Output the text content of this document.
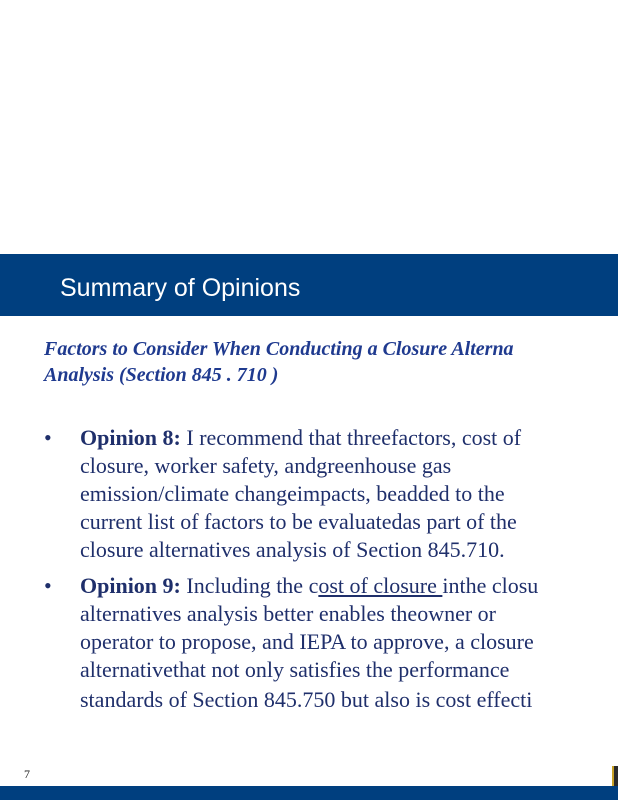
Summary of Opinions
Factors to Consider When Conducting a Closure Alterna
Analysis (Section 845 . 710 )
• Opinion 8: I recommend that threefactors, cost of
closure, worker safety, andgreenhouse gas
emission/climate changeimpacts, beadded to the
current list of factors to be evaluatedas part of the
closure alternatives analysis of Section 845.710.
• Opinion 9: Including the cost of closure inthe closu
alternatives analysis better enables theowner or
operator to propose, and IEPA to approve, a closure
alternativethat not only satisfies the performance
standards of Section 845.750 but also is cost effecti
7
